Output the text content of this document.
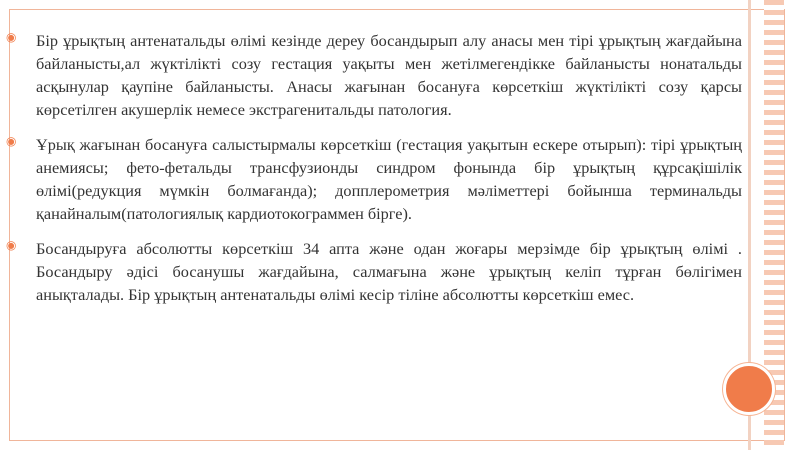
◉ Бір ұрықтың антенатальды өлімі кезінде дереу босандырып алу анасы мен тірі ұрықтың жағдайына байланысты,ал жүктілікті созу гестация уақыты мен жетілмегендікке байланысты нонатальды асқынулар қаупіне байланысты. Анасы жағынан босануға көрсеткіш жүктілікті созу қарсы көрсетілген акушерлік немесе экстрагенитальды патология.
◉ Ұрық жағынан босануға салыстырмалы көрсеткіш (гестация уақытын ескере отырып): тірі ұрықтың анемиясы; фето-фетальды трансфузионды синдром фонында бір ұрықтың құрсақішілік өлімі(редукция мүмкін болмағанда); допплерометрия мәліметтері бойынша терминальды қанайналым(патологиялық кардиотокограммен бірге).
◉ Босандыруға абсолютты көрсеткіш 34 апта және одан жоғары мерзімде бір ұрықтың өлімі . Босандыру әдісі босанушы жағдайына, салмағына және ұрықтың келіп тұрған бөлігімен анықталады. Бір ұрықтың антенатальды өлімі кесір тіліне абсолютты көрсеткіш емес.
